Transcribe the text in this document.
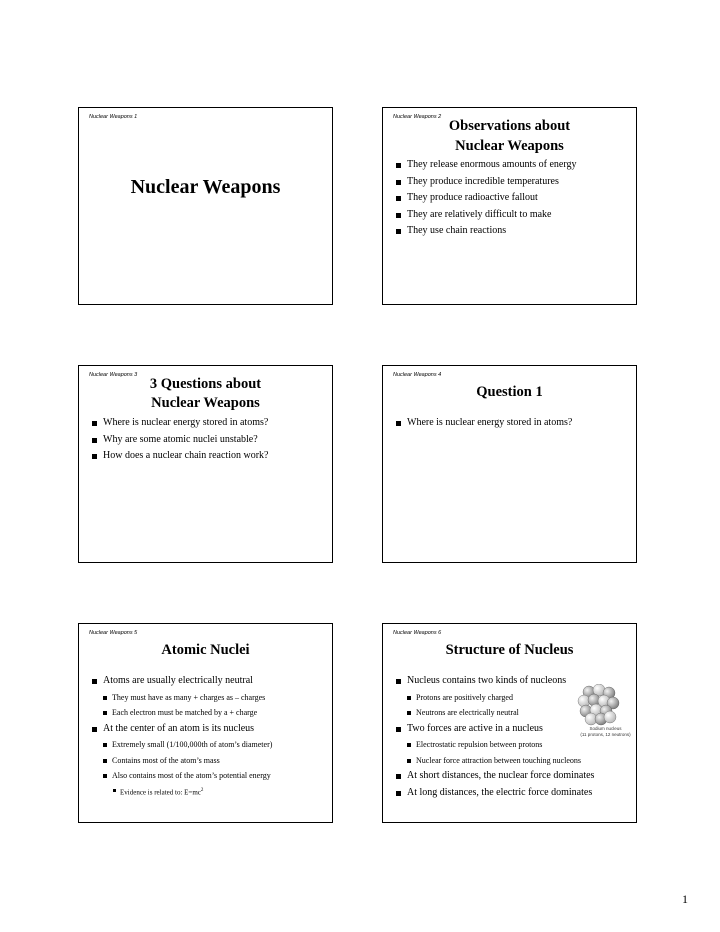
Nuclear Weapons 1
Nuclear Weapons
Nuclear Weapons 2
Observations about
Nuclear Weapons
They release enormous amounts of energy
They produce incredible temperatures
They produce radioactive fallout
They are relatively difficult to make
They use chain reactions
Nuclear Weapons 3
3 Questions about
Nuclear Weapons
Where is nuclear energy stored in atoms?
Why are some atomic nuclei unstable?
How does a nuclear chain reaction work?
Nuclear Weapons 4
Question 1
Where is nuclear energy stored in atoms?
Nuclear Weapons 5
Atomic Nuclei
Atoms are usually electrically neutral
They must have as many + charges as – charges
Each electron must be matched by a + charge
At the center of an atom is its nucleus
Extremely small (1/100,000th of atom’s diameter)
Contains most of the atom’s mass
Also contains most of the atom’s potential energy
Evidence is related to: $E=mc^2$
Nuclear Weapons 6
Structure of Nucleus
Nucleus contains two kinds of nucleons
Protons are positively charged
Neutrons are electrically neutral
Two forces are active in a nucleus
Electrostatic repulsion between protons
Nuclear force attraction between touching nucleons
At short distances, the nuclear force dominates
At long distances, the electric force dominates
Sodium nucleus
(11 protons, 12 neutrons)
1
